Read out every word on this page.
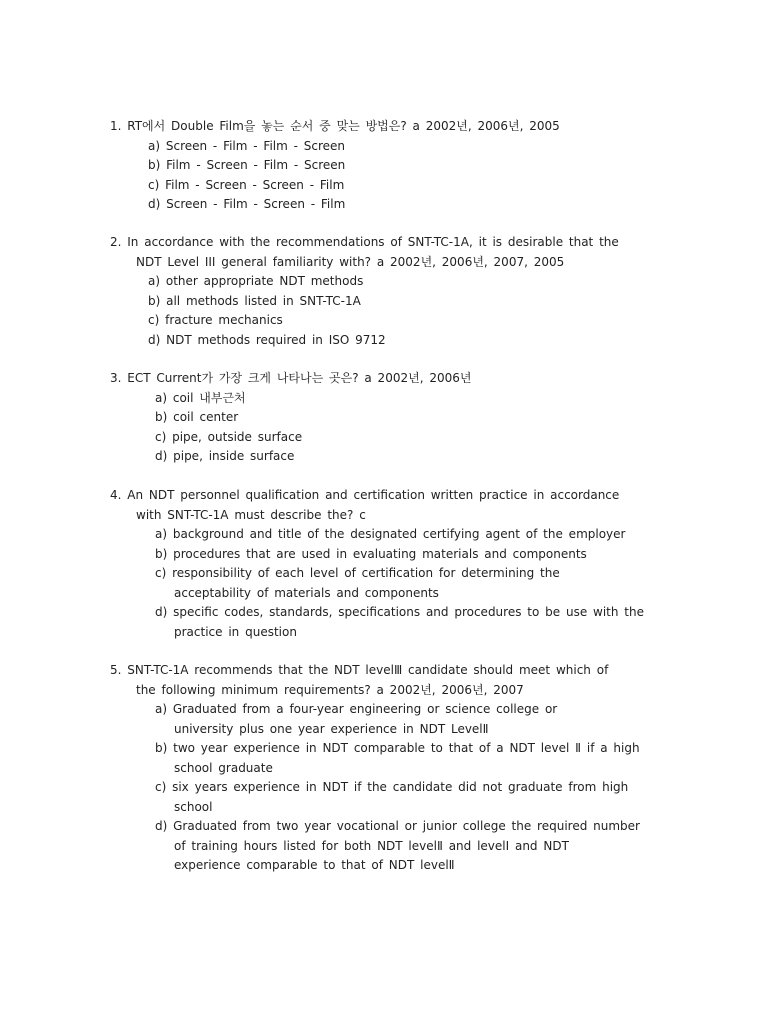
1. RT에서 Double Film을 놓는 순서 중 맞는 방법은? a 2002년, 2006년, 2005
a) Screen - Film - Film - Screen
b) Film - Screen - Film - Screen
c) Film - Screen - Screen - Film
d) Screen - Film - Screen - Film
2. In accordance with the recommendations of SNT-TC-1A, it is desirable that the
NDT Level III general familiarity with? a 2002년, 2006년, 2007, 2005
a) other appropriate NDT methods
b) all methods listed in SNT-TC-1A
c) fracture mechanics
d) NDT methods required in ISO 9712
3. ECT Current가 가장 크게 나타나는 곳은? a 2002년, 2006년
a) coil 내부근처
b) coil center
c) pipe, outside surface
d) pipe, inside surface
4. An NDT personnel qualification and certification written practice in accordance
with SNT-TC-1A must describe the? c
a) background and title of the designated certifying agent of the employer
b) procedures that are used in evaluating materials and components
c) responsibility of each level of certification for determining the
acceptability of materials and components
d) specific codes, standards, specifications and procedures to be use with the
practice in question
5. SNT-TC-1A recommends that the NDT levelⅢ candidate should meet which of
the following minimum requirements? a 2002년, 2006년, 2007
a) Graduated from a four-year engineering or science college or
university plus one year experience in NDT LevelⅡ
b) two year experience in NDT comparable to that of a NDT level Ⅱ if a high
school graduate
c) six years experience in NDT if the candidate did not graduate from high
school
d) Graduated from two year vocational or junior college the required number
of training hours listed for both NDT levelⅡ and levelⅠ and NDT
experience comparable to that of NDT levelⅡ
